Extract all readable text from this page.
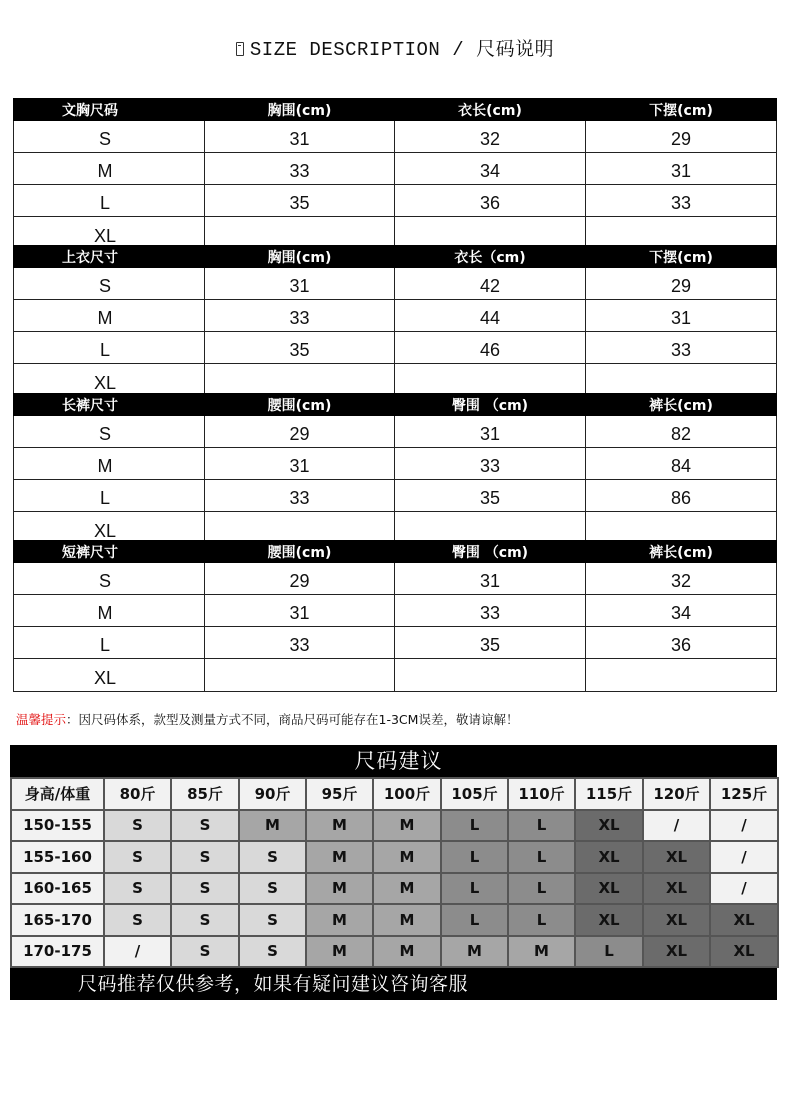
SIZE DESCRIPTION / 尺码说明
文胸尺码	胸围(cm)	衣长(cm)	下摆(cm)
S	31	32	29
M	33	34	31
L	35	36	33
XL			
上衣尺寸	胸围(cm)	衣长（cm)	下摆(cm)
S	31	42	29
M	33	44	31
L	35	46	33
XL			
长裤尺寸	腰围(cm)	臀围 （cm)	裤长(cm)
S	29	31	82
M	31	33	84
L	33	35	86
XL			
短裤尺寸	腰围(cm)	臀围 （cm)	裤长(cm)
S	29	31	32
M	31	33	34
L	33	35	36
XL			
温馨提示：因尺码体系，款型及测量方式不同，商品尺码可能存在1-3CM误差，敬请谅解！
尺码建议
身高/体重	80斤	85斤	90斤	95斤	100斤	105斤	110斤	115斤	120斤	125斤
150-155	S	S	M	M	M	L	L	XL	/	/
155-160	S	S	S	M	M	L	L	XL	XL	/
160-165	S	S	S	M	M	L	L	XL	XL	/
165-170	S	S	S	M	M	L	L	XL	XL	XL
170-175	/	S	S	M	M	M	M	L	XL	XL
尺码推荐仅供参考，如果有疑问建议咨询客服
